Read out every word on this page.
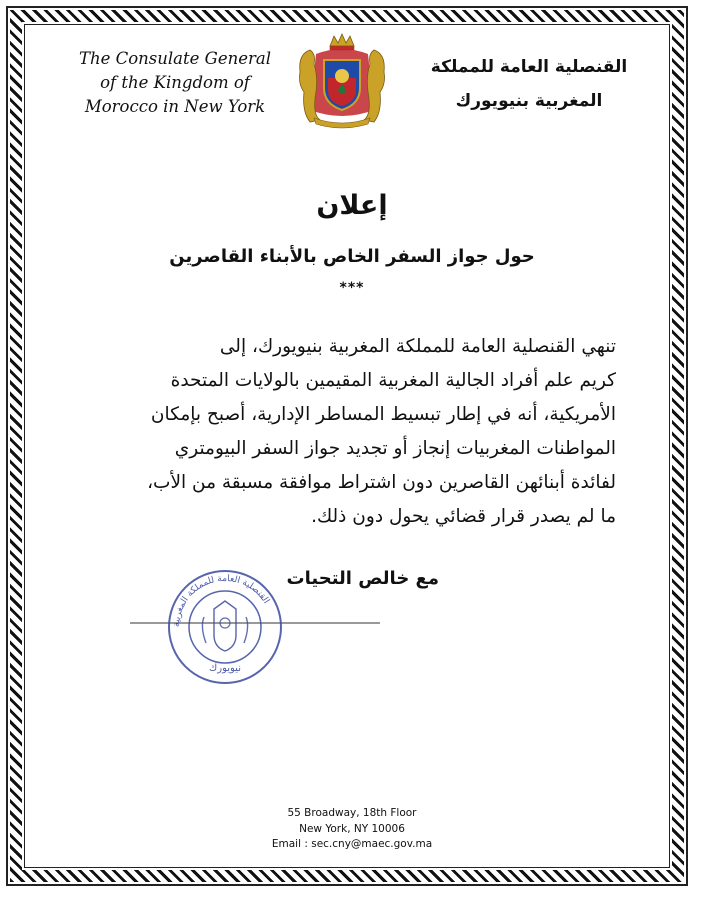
The Consulate General
of the Kingdom of
Morocco in New York
القنصلية العامة للمملكة
المغربية بنيويورك
إعلان
حول جواز السفر الخاص بالأبناء القاصرين
***
تنهي القنصلية العامة للمملكة المغربية بنيويورك، إلى
كريم علم أفراد الجالية المغربية المقيمين بالولايات المتحدة
الأمريكية، أنه في إطار تبسيط المساطر الإدارية، أصبح بإمكان
المواطنات المغربيات إنجاز أو تجديد جواز السفر البيومتري
لفائدة أبنائهن القاصرين دون اشتراط موافقة مسبقة من الأب،
ما لم يصدر قرار قضائي يحول دون ذلك.
مع خالص التحيات
القنصلية العامة للمملكة المغربية
نيويورك
55 Broadway, 18th Floor
New York, NY 10006
Email : sec.cny@maec.gov.ma
